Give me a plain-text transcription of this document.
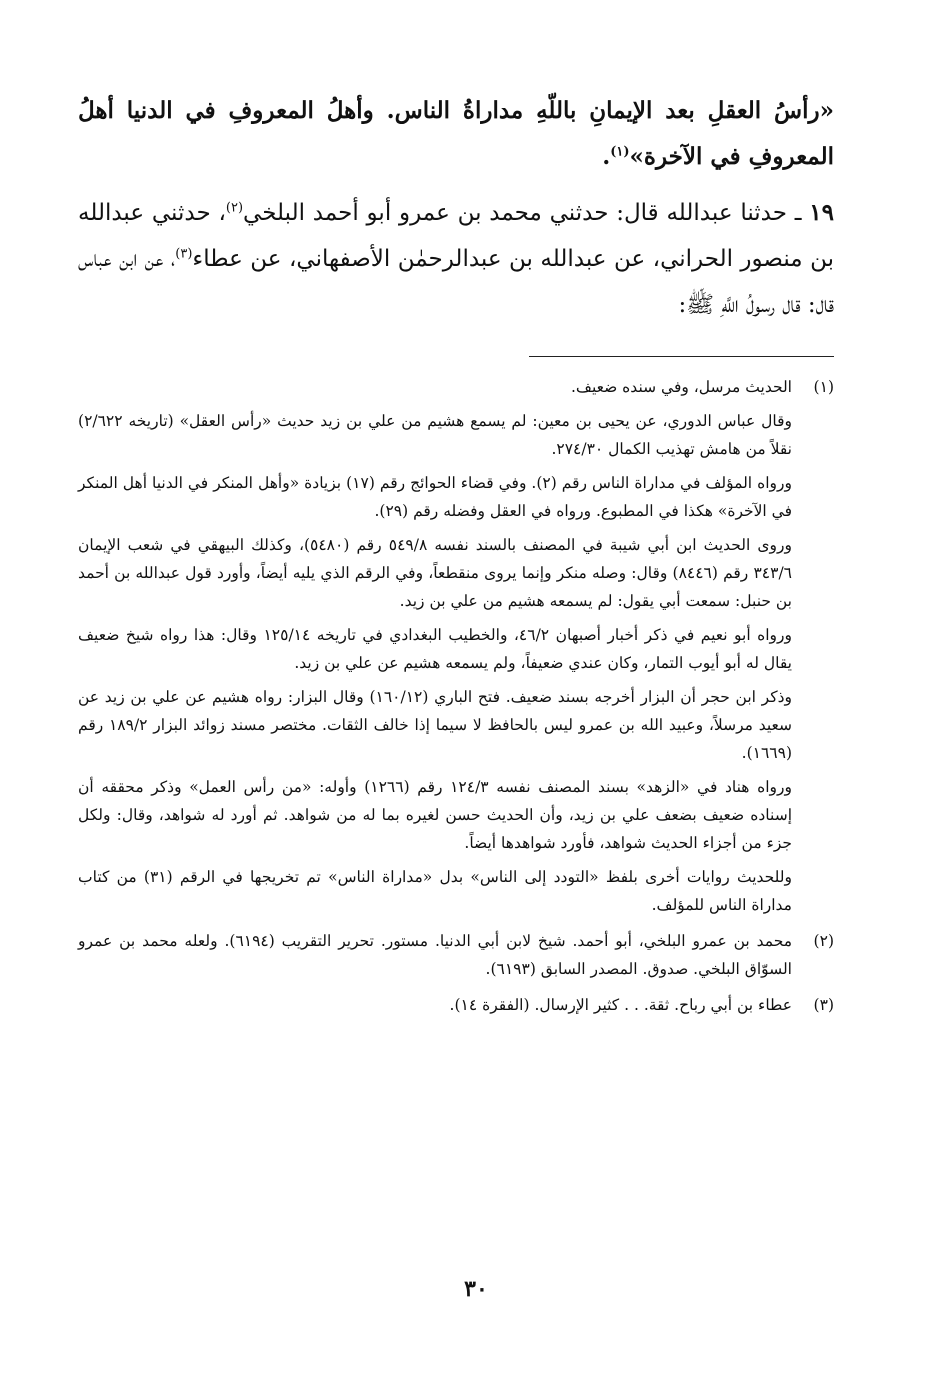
«رأسُ العقلِ بعد الإيمانِ باللّهِ مداراةُ الناس. وأهلُ المعروفِ في الدنيا أهلُ المعروفِ في الآخرة»$^{(١)}$.

١٩ ـ حدثنا عبدالله قال: حدثني محمد بن عمرو أبو أحمد البلخي$^{(٢)}$، حدثني عبدالله بن منصور الحراني، عن عبدالله بن عبدالرحمٰن الأصفهاني، عن عطاء$^{(٣)}$، عن ابن عباس قال: قال رسولُ اللَّهِ ﷺ:

(١)

الحديث مرسل، وفي سنده ضعيف.

وقال عباس الدوري، عن يحيى بن معين: لم يسمع هشيم من علي بن زيد حديث «رأس العقل» (تاريخه ٢/٦٢٢) نقلاً من هامش تهذيب الكمال ٢٧٤/٣٠.

ورواه المؤلف في مداراة الناس رقم (٢). وفي قضاء الحوائج رقم (١٧) بزيادة «وأهل المنكر في الدنيا أهل المنكر في الآخرة» هكذا في المطبوع. ورواه في العقل وفضله رقم (٢٩).

وروى الحديث ابن أبي شيبة في المصنف بالسند نفسه ٥٤٩/٨ رقم (٥٤٨٠)، وكذلك البيهقي في شعب الإيمان ٣٤٣/٦ رقم (٨٤٤٦) وقال: وصله منكر وإنما يروى منقطعاً، وفي الرقم الذي يليه أيضاً، وأورد قول عبدالله بن أحمد بن حنبل: سمعت أبي يقول: لم يسمعه هشيم من علي بن زيد.

ورواه أبو نعيم في ذكر أخبار أصبهان ٤٦/٢، والخطيب البغدادي في تاريخه ١٢٥/١٤ وقال: هذا رواه شيخ ضعيف يقال له أبو أيوب التمار، وكان عندي ضعيفاً، ولم يسمعه هشيم عن علي بن زيد.

وذكر ابن حجر أن البزار أخرجه بسند ضعيف. فتح الباري (١٦٠/١٢) وقال البزار: رواه هشيم عن علي بن زيد عن سعيد مرسلاً، وعبيد الله بن عمرو ليس بالحافظ لا سيما إذا خالف الثقات. مختصر مسند زوائد البزار ١٨٩/٢ رقم (١٦٦٩).

ورواه هناد في «الزهد» بسند المصنف نفسه ١٢٤/٣ رقم (١٢٦٦) وأوله: «من رأس العمل» وذكر محققه أن إسناده ضعيف بضعف علي بن زيد، وأن الحديث حسن لغيره بما له من شواهد. ثم أورد له شواهد، وقال: ولكل جزء من أجزاء الحديث شواهد، فأورد شواهدها أيضاً.

وللحديث روايات أخرى بلفظ «التودد إلى الناس» بدل «مداراة الناس» تم تخريجها في الرقم (٣١) من كتاب مداراة الناس للمؤلف.

(٢)

محمد بن عمرو البلخي، أبو أحمد. شيخ لابن أبي الدنيا. مستور. تحرير التقريب (٦١٩٤). ولعله محمد بن عمرو السوّاق البلخي. صدوق. المصدر السابق (٦١٩٣).

(٣)

عطاء بن أبي رباح. ثقة. . . كثير الإرسال. (الفقرة ١٤).

٣٠
